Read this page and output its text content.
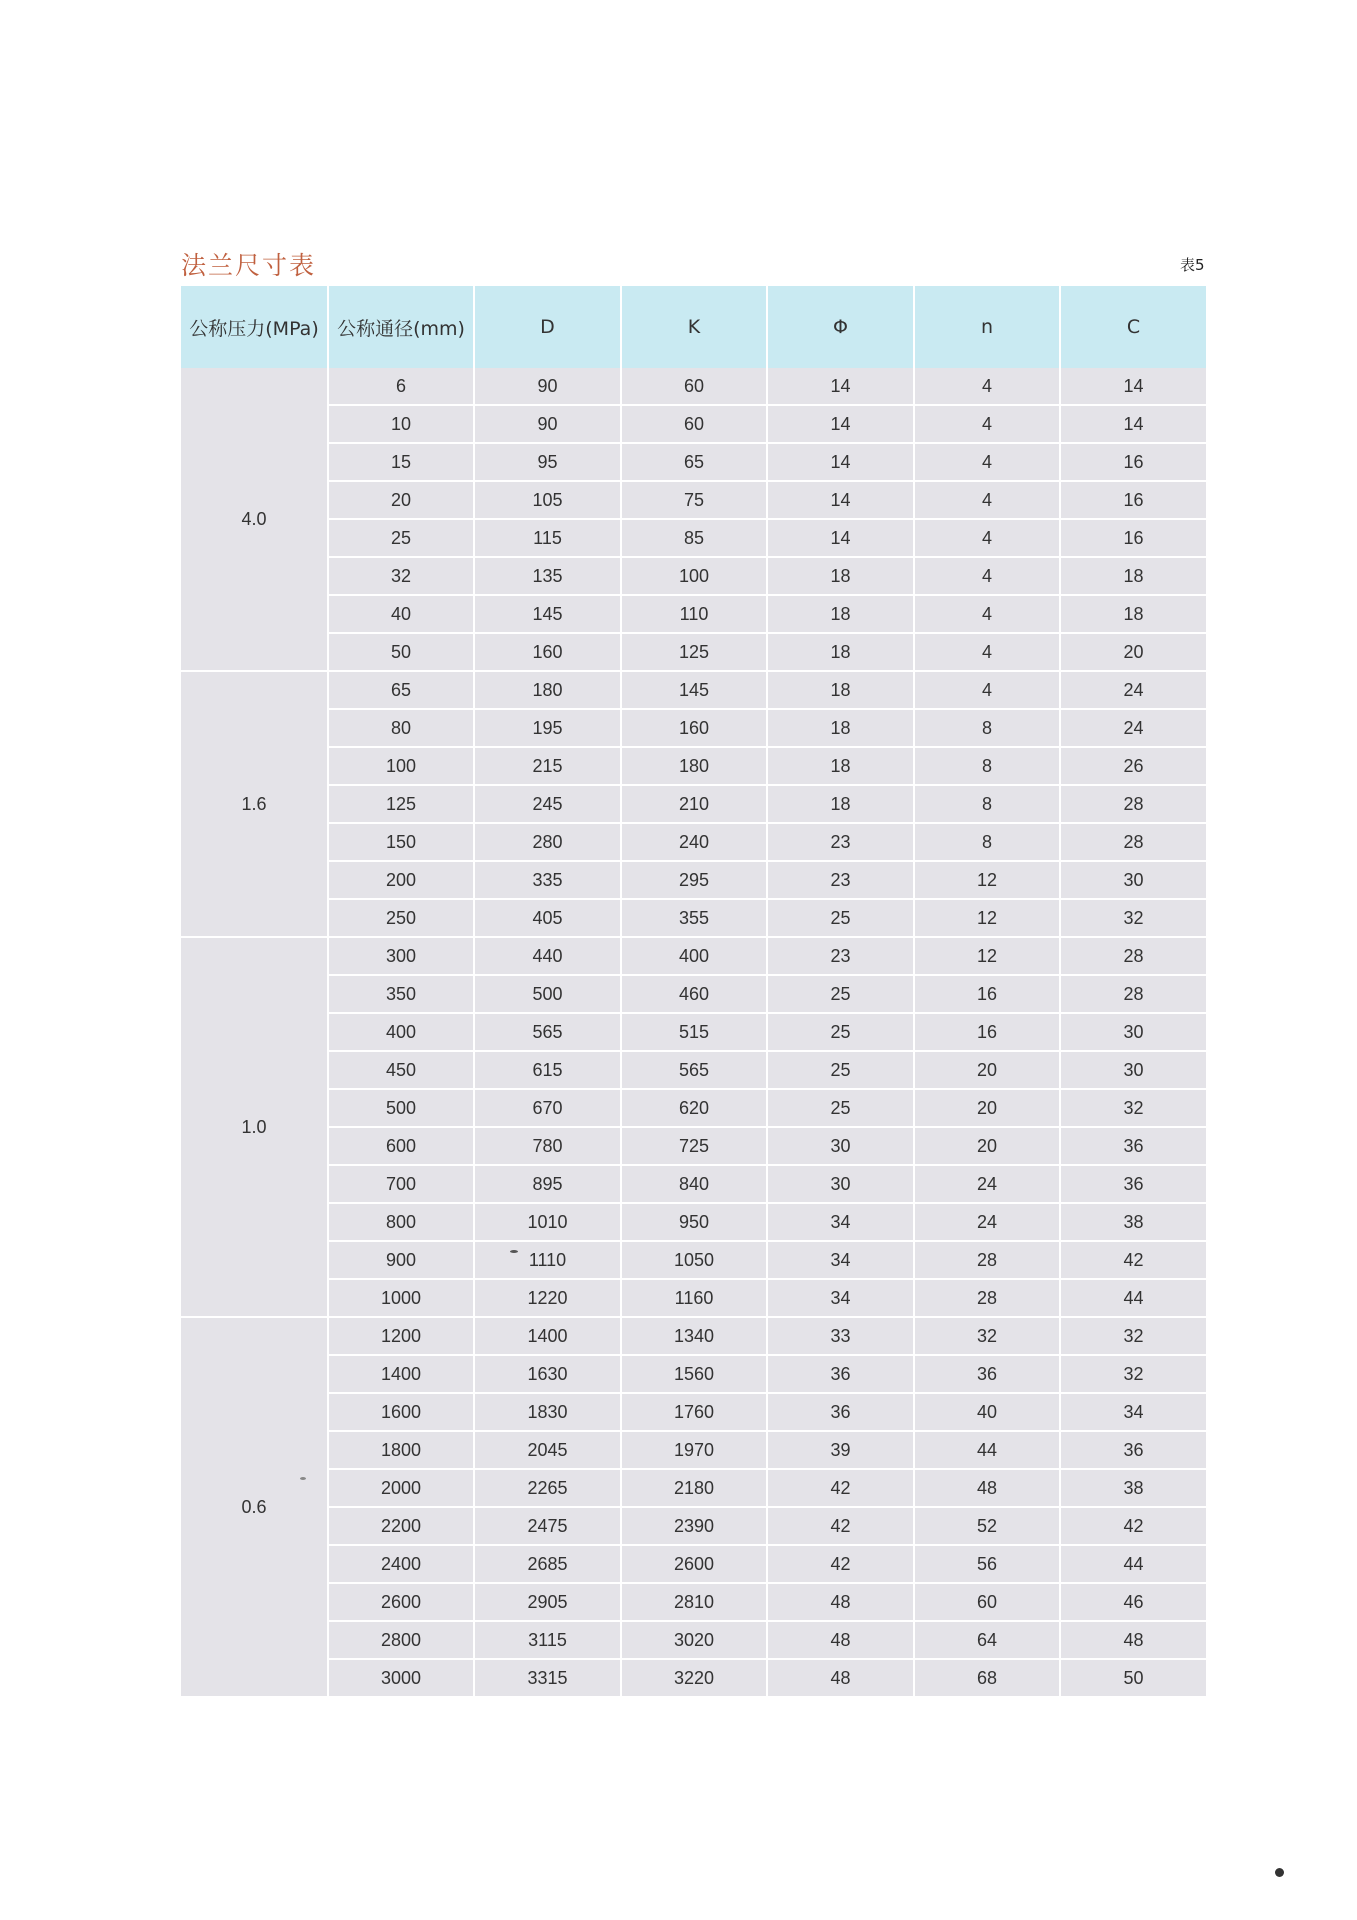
法兰尺寸表	表5
公称压力(MPa)	公称通径(mm)	D	K	Φ	n	C
4.0	6	90	60	14	4	14
	10	90	60	14	4	14
	15	95	65	14	4	16
	20	105	75	14	4	16
	25	115	85	14	4	16
	32	135	100	18	4	18
	40	145	110	18	4	18
	50	160	125	18	4	20
1.6	65	180	145	18	4	24
	80	195	160	18	8	24
	100	215	180	18	8	26
	125	245	210	18	8	28
	150	280	240	23	8	28
	200	335	295	23	12	30
	250	405	355	25	12	32
1.0	300	440	400	23	12	28
	350	500	460	25	16	28
	400	565	515	25	16	30
	450	615	565	25	20	30
	500	670	620	25	20	32
	600	780	725	30	20	36
	700	895	840	30	24	36
	800	1010	950	34	24	38
	900	1110	1050	34	28	42
	1000	1220	1160	34	28	44
0.6	1200	1400	1340	33	32	32
	1400	1630	1560	36	36	32
	1600	1830	1760	36	40	34
	1800	2045	1970	39	44	36
	2000	2265	2180	42	48	38
	2200	2475	2390	42	52	42
	2400	2685	2600	42	56	44
	2600	2905	2810	48	60	46
	2800	3115	3020	48	64	48
	3000	3315	3220	48	68	50
